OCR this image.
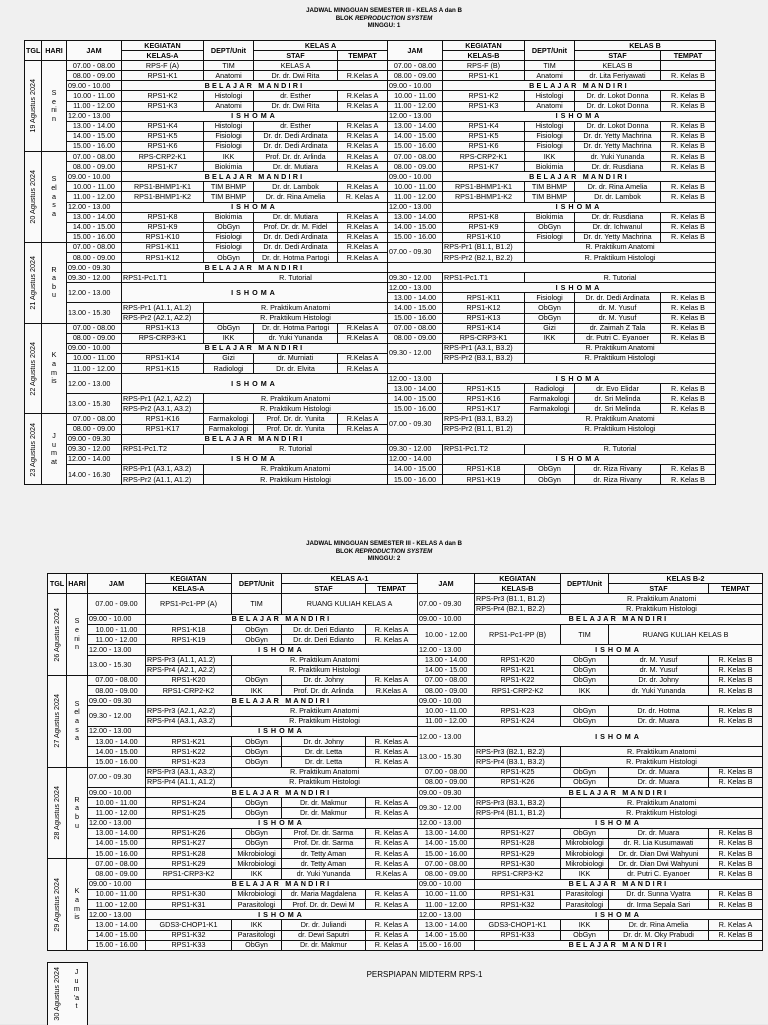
JADWAL MINGGUAN SEMESTER III - KELAS A dan B
BLOK REPRODUCTION SYSTEM
MINGGU: 1
TGL	HARI	JAM	KEGIATAN	DEPT/Unit	KELAS A		JAM	KEGIATAN	DEPT/Unit	KELAS B	
			KELAS-A		STAF	TEMPAT		KELAS-B		STAF	TEMPAT

19 Agustus 2024	Senin	07.00 - 08.00	RPS-F (A)	TIM	KELAS A		07.00 - 08.00	RPS-F (B)	TIM	KELAS B	
		08.00 - 09.00	RPS1-K1	Anatomi	Dr. dr. Dwi Rita	R.Kelas A	08.00 - 09.00	RPS1-K1	Anatomi	dr. Lita Feriyawati	R. Kelas B
		09.00 - 10.00	BELAJAR MANDIRI				09.00 - 10.00	BELAJAR MANDIRI			
		10.00 - 11.00	RPS1-K2	Histologi	dr. Esther	R.Kelas A	10.00 - 11.00	RPS1-K2	Histologi	Dr. dr. Lokot Donna	R. Kelas B
		11.00 - 12.00	RPS1-K3	Anatomi	Dr. dr. Dwi Rita	R.Kelas A	11.00 - 12.00	RPS1-K3	Anatomi	Dr. dr. Lokot Donna	R. Kelas B
		12.00 - 13.00	ISHOMA				12.00 - 13.00	ISHOMA			
		13.00 - 14.00	RPS1-K4	Histologi	dr. Esther	R.Kelas A	13.00 - 14.00	RPS1-K4	Histologi	Dr. dr. Lokot Donna	R. Kelas B
		14.00 - 15.00	RPS1-K5	Fisiologi	Dr. dr. Dedi Ardinata	R.Kelas A	14.00 - 15.00	RPS1-K5	Fisiologi	Dr. dr. Yetty Machrina	R. Kelas B
		15.00 - 16.00	RPS1-K6	Fisiologi	Dr. dr. Dedi Ardinata	R.Kelas A	15.00 - 16.00	RPS1-K6	Fisiologi	Dr. dr. Yetty Machrina	R. Kelas B

20 Agustus 2024	Selasa	07.00 - 08.00	RPS-CRP2-K1	IKK	Prof. Dr. dr. Arlinda	R.Kelas A	07.00 - 08.00	RPS-CRP2-K1	IKK	dr. Yuki Yunanda	R. Kelas B
		08.00 - 09.00	RPS1-K7	Biokimia	Dr. dr. Mutiara	R.Kelas A	08.00 - 09.00	RPS1-K7	Biokimia	Dr. dr. Rusdiana	R. Kelas B
		09.00 - 10.00	BELAJAR MANDIRI				09.00 - 10.00	BELAJAR MANDIRI			
		10.00 - 11.00	RPS1-BHMP1-K1	TIM BHMP	Dr. dr. Lambok	R.Kelas A	10.00 - 11.00	RPS1-BHMP1-K1	TIM BHMP	Dr. dr. Rina Amelia	R. Kelas B
		11.00 - 12.00	RPS1-BHMP1-K2	TIM BHMP	Dr. dr. Rina Amelia	R. Kelas A	11.00 - 12.00	RPS1-BHMP1-K2	TIM BHMP	Dr. dr. Lambok	R. Kelas B
		12.00 - 13.00	ISHOMA				12.00 - 13.00	ISHOMA			
		13.00 - 14.00	RPS1-K8	Biokimia	Dr. dr. Mutiara	R.Kelas A	13.00 - 14.00	RPS1-K8	Biokimia	Dr. dr. Rusdiana	R. Kelas B
		14.00 - 15.00	RPS1-K9	ObGyn	Prof. Dr. dr. M. Fidel	R.Kelas A	14.00 - 15.00	RPS1-K9	ObGyn	Dr. dr. Ichwanul	R. Kelas B
		15.00 - 16.00	RPS1-K10	Fisiologi	Dr. dr. Dedi Ardinata	R.Kelas A	15.00 - 16.00	RPS1-K10	Fisiologi	Dr. dr. Yetty Machrina	R. Kelas B

21 Agustus 2024	Rabu	07.00 - 08.00	RPS1-K11	Fisiologi	Dr. dr. Dedi Ardinata	R.Kelas A	07.00 - 09.30	RPS-Pr1 (B1.1, B1.2)	R. Praktikum Anatomi		
		08.00 - 09.00	RPS1-K12	ObGyn	Dr. dr. Hotma Partogi	R.Kelas A		RPS-Pr2 (B2.1, B2.2)	R. Praktikum Histologi		
		09.00 - 09.30	BELAJAR MANDIRI								
		09.30 - 12.00	RPS1-Pc1.T1	R. Tutorial			09.30 - 12.00	RPS1-Pc1.T1	R. Tutorial		
		12.00 - 13.00	ISHOMA				12.00 - 13.00	ISHOMA			
							13.00 - 14.00	RPS1-K11	Fisiologi	Dr. dr. Dedi Ardinata	R. Kelas B
		13.00 - 15.30	RPS-Pr1 (A1.1, A1.2)	R. Praktikum Anatomi			14.00 - 15.00	RPS1-K12	ObGyn	dr. M. Yusuf	R. Kelas B
			RPS-Pr2 (A2.1, A2.2)	R. Praktikum Histologi			15.00 - 16.00	RPS1-K13	ObGyn	dr. M. Yusuf	R. Kelas B

22 Agustus 2024	Kamis	07.00 - 08.00	RPS1-K13	ObGyn	Dr. dr. Hotma Partogi	R.Kelas A	07.00 - 08.00	RPS1-K14	Gizi	dr. Zaimah Z Tala	R. Kelas B
		08.00 - 09.00	RPS-CRP3-K1	IKK	dr. Yuki Yunanda	R.Kelas A	08.00 - 09.00	RPS-CRP3-K1	IKK	dr. Putri C. Eyanoer	R. Kelas B
		09.00 - 10.00	BELAJAR MANDIRI				09.30 - 12.00	RPS-Pr1 (A3.1, B3.2)	R. Praktikum Anatomi		
		10.00 - 11.00	RPS1-K14	Gizi	dr. Murniati	R.Kelas A		RPS-Pr2 (B3.1, B3.2)	R. Praktikum Histologi		
		11.00 - 12.00	RPS1-K15	Radiologi	Dr. dr. Elvita	R.Kelas A					
		12.00 - 13.00	ISHOMA				12.00 - 13.00	ISHOMA			
							13.00 - 14.00	RPS1-K15	Radiologi	dr. Evo Elidar	R. Kelas B
		13.00 - 15.30	RPS-Pr1 (A2.1, A2.2)	R. Praktikum Anatomi			14.00 - 15.00	RPS1-K16	Farmakologi	dr. Sri Melinda	R. Kelas B
			RPS-Pr2 (A3.1, A3.2)	R. Praktikum Histologi			15.00 - 16.00	RPS1-K17	Farmakologi	dr. Sri Melinda	R. Kelas B

23 Agustus 2024	Jumat	07.00 - 08.00	RPS1-K16	Farmakologi	Prof. Dr. dr. Yunita	R.Kelas A	07.00 - 09.30	RPS-Pr1 (B3.1, B3.2)	R. Praktikum Anatomi		
		08.00 - 09.00	RPS1-K17	Farmakologi	Prof. Dr. dr. Yunita	R.Kelas A		RPS-Pr2 (B1.1, B1.2)	R. Praktikum Histologi		
		09.00 - 09.30	BELAJAR MANDIRI								
		09.30 - 12.00	RPS1-Pc1.T2	R. Tutorial			09.30 - 12.00	RPS1-Pc1.T2	R. Tutorial		
		12.00 - 14.00	ISHOMA				12.00 - 14.00	ISHOMA			
		14.00 - 16.30	RPS-Pr1 (A3.1, A3.2)	R. Praktikum Anatomi			14.00 - 15.00	RPS1-K18	ObGyn	dr. Riza Rivany	R. Kelas B
			RPS-Pr2 (A1.1, A1.2)	R. Praktikum Histologi			15.00 - 16.00	RPS1-K19	ObGyn	dr. Riza Rivany	R. Kelas B
JADWAL MINGGUAN SEMESTER III - KELAS A dan B
BLOK REPRODUCTION SYSTEM
MINGGU: 2
TGL	HARI	JAM	KEGIATAN	DEPT/Unit	KELAS A-1		JAM	KEGIATAN	DEPT/Unit	KELAS B-2	
			KELAS-A		STAF	TEMPAT		KELAS-B		STAF	TEMPAT

26 Agustus 2024	Senin	07.00 - 09.00	RPS1-Pc1-PP (A)	TIM	RUANG KULIAH KELAS A		07.00 - 09.30	RPS-Pr3 (B1.1, B1.2)	R. Praktikum Anatomi		
								RPS-Pr4 (B2.1, B2.2)	R. Praktikum Histologi		
		09.00 - 10.00	BELAJAR MANDIRI				09.00 - 10.00	BELAJAR MANDIRI			
		10.00 - 11.00	RPS1-K18	ObGyn	Dr. dr. Deri Edianto	R. Kelas A	10.00 - 12.00	RPS1-Pc1-PP (B)	TIM	RUANG KULIAH KELAS B	
		11.00 - 12.00	RPS1-K19	ObGyn	Dr. dr. Deri Edianto	R. Kelas A					
		12.00 - 13.00	ISHOMA				12.00 - 13.00	ISHOMA			
		13.00 - 15.30	RPS-Pr3 (A1.1, A1.2)	R. Praktikum Anatomi			13.00 - 14.00	RPS1-K20	ObGyn	dr. M. Yusuf	R. Kelas B
			RPS-Pr4 (A2.1, A2.2)	R. Praktikum Histologi			14.00 - 15.00	RPS1-K21	ObGyn	dr. M. Yusuf	R. Kelas B

27 Agustus 2024	Selasa	07.00 - 08.00	RPS1-K20	ObGyn	Dr. dr. Johny	R. Kelas A	07.00 - 08.00	RPS1-K22	ObGyn	Dr. dr. Johny	R. Kelas B
		08.00 - 09.00	RPS1-CRP2-K2	IKK	Prof. Dr. dr. Arlinda	R.Kelas A	08.00 - 09.00	RPS1-CRP2-K2	IKK	dr. Yuki Yunanda	R. Kelas B
		09.00 - 09.30	BELAJAR MANDIRI				09.00 - 10.00				
		09.30 - 12.00	RPS-Pr3 (A2.1, A2.2)	R. Praktikum Anatomi			10.00 - 11.00	RPS1-K23	ObGyn	Dr. dr. Hotma	R. Kelas B
			RPS-Pr4 (A3.1, A3.2)	R. Praktikum Histologi			11.00 - 12.00	RPS1-K24	ObGyn	Dr. dr. Muara	R. Kelas B
		12.00 - 13.00	ISHOMA				12.00 - 13.00	ISHOMA			
		13.00 - 14.00	RPS1-K21	ObGyn	Dr. dr. Johny	R. Kelas A					
		14.00 - 15.00	RPS1-K22	ObGyn	Dr. dr. Letta	R. Kelas A	13.00 - 15.30	RPS-Pr3 (B2.1, B2.2)	R. Praktikum Anatomi		
		15.00 - 16.00	RPS1-K23	ObGyn	Dr. dr. Letta	R. Kelas A		RPS-Pr4 (B3.1, B3.2)	R. Praktikum Histologi		

28 Agustus 2024	Rabu	07.00 - 09.30	RPS-Pr3 (A3.1, A3.2)	R. Praktikum Anatomi			07.00 - 08.00	RPS1-K25	ObGyn	Dr. dr. Muara	R. Kelas B
			RPS-Pr4 (A1.1, A1.2)	R. Praktikum Histologi			08.00 - 09.00	RPS1-K26	ObGyn	Dr. dr. Muara	R. Kelas B
		09.00 - 10.00	BELAJAR MANDIRI				09.00 - 09.30	BELAJAR MANDIRI			
		10.00 - 11.00	RPS1-K24	ObGyn	Dr. dr. Makmur	R. Kelas A	09.30 - 12.00	RPS-Pr3 (B3.1, B3.2)	R. Praktikum Anatomi		
		11.00 - 12.00	RPS1-K25	ObGyn	Dr. dr. Makmur	R. Kelas A		RPS-Pr4 (B1.1, B1.2)	R. Praktikum Histologi		
		12.00 - 13.00	ISHOMA				12.00 - 13.00	ISHOMA			
		13.00 - 14.00	RPS1-K26	ObGyn	Prof. Dr. dr. Sarma	R. Kelas A	13.00 - 14.00	RPS1-K27	ObGyn	Dr. dr. Muara	R. Kelas B
		14.00 - 15.00	RPS1-K27	ObGyn	Prof. Dr. dr. Sarma	R. Kelas A	14.00 - 15.00	RPS1-K28	Mikrobiologi	dr. R. Lia Kusumawati	R. Kelas B
		15.00 - 16.00	RPS1-K28	Mikrobiologi	dr. Tetty Aman	R. Kelas A	15.00 - 16.00	RPS1-K29	Mikrobiologi	Dr. dr. Dian Dwi Wahyuni	R. Kelas B

29 Agustus 2024	Kamis	07.00 - 08.00	RPS1-K29	Mikrobiologi	dr. Tetty Aman	R. Kelas A	07.00 - 08.00	RPS1-K30	Mikrobiologi	Dr. dr. Dian Dwi Wahyuni	R. Kelas B
		08.00 - 09.00	RPS1-CRP3-K2	IKK	dr. Yuki Yunanda	R.Kelas A	08.00 - 09.00	RPS1-CRP3-K2	IKK	dr. Putri C. Eyanoer	R. Kelas B
		09.00 - 10.00	BELAJAR MANDIRI				09.00 - 10.00	BELAJAR MANDIRI			
		10.00 - 11.00	RPS1-K30	Mikrobiologi	dr. Maria Magdalena	R. Kelas A	10.00 - 11.00	RPS1-K31	Parasitologi	Dr. dr. Sunna Vyatra	R. Kelas B
		11.00 - 12.00	RPS1-K31	Parasitologi	Prof. Dr. dr. Dewi M	R. Kelas A	11.00 - 12.00	RPS1-K32	Parasitologi	dr. Irma Sepala Sari	R. Kelas B
		12.00 - 13.00	ISHOMA				12.00 - 13.00	ISHOMA			
		13.00 - 14.00	GDS3-CHOP1-K1	IKK	Dr. dr. Juliandi	R. Kelas A	13.00 - 14.00	GDS3-CHOP1-K1	IKK	Dr. dr. Rina Amelia	R. Kelas A
		14.00 - 15.00	RPS1-K32	Parasitologi	dr. Dewi Saputri	R. Kelas A	14.00 - 15.00	RPS1-K33	ObGyn	Dr. dr. M. Oky Prabudi	R. Kelas B
		15.00 - 16.00	RPS1-K33	ObGyn	Dr. dr. Makmur	R. Kelas A	15.00 - 16.00	BELAJAR MANDIRI			
30 Agustus 2024 Jum'at
PERSPIAPAN MIDTERM RPS-1
